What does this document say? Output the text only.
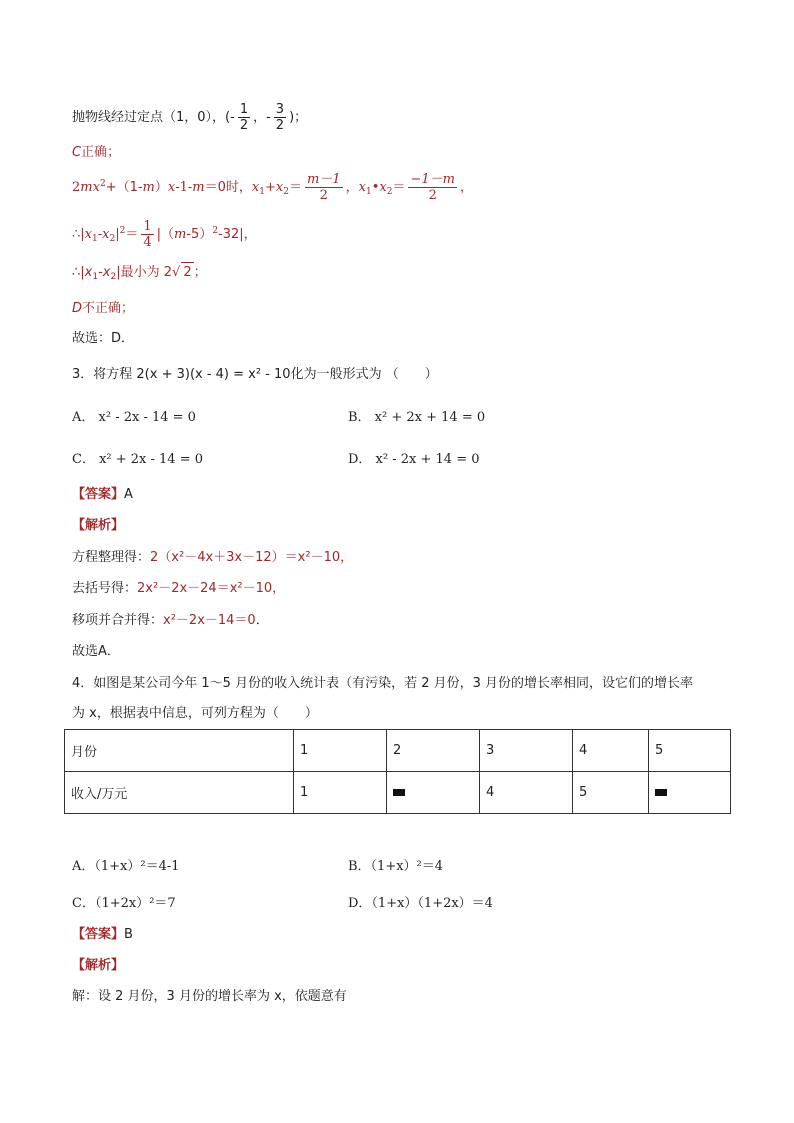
抛物线经过定点（1，0），(- $\frac{1}{2}$ ，- $\frac{3}{2}$ )；
C正确；
$2mx^2+(1-m)x-1-m=0$时，$x_1+x_2= \frac{m-1}{2}$ ，$x_1•x_2= \frac{-1-m}{2}$ ，
$\therefore|x_1-x_2|^2= \frac{1}{4} |(m-5)^2-32|$，
$\therefore|x_1-x_2|$最小为 2√ 2 ；
D不正确；
故选：D．
3．将方程 2(x + 3)(x - 4) = x² - 10化为一般形式为 （　　）
A． x² - 2x - 14 = 0	B． x² + 2x + 14 = 0
C． x² + 2x - 14 = 0	D． x² - 2x + 14 = 0
【答案】A
【解析】
方程整理得：2（x²－4x＋3x－12）＝x²－10，
去括号得：2x²－2x－24＝x²－10，
移项并合并得：x²－2x－14＝0．
故选A．
4．如图是某公司今年 1～5 月份的收入统计表（有污染，若 2 月份，3 月份的增长率相同，设它们的增长率
为 x，根据表中信息，可列方程为（　　）
月份	1	2	3	4	5
收入/万元	1		4	5	
A．（1+x）²＝4-1	B．（1+x）²＝4
C．（1+2x）²＝7	D．（1+x）（1+2x）＝4
【答案】B
【解析】
解：设 2 月份，3 月份的增长率为 x，依题意有
